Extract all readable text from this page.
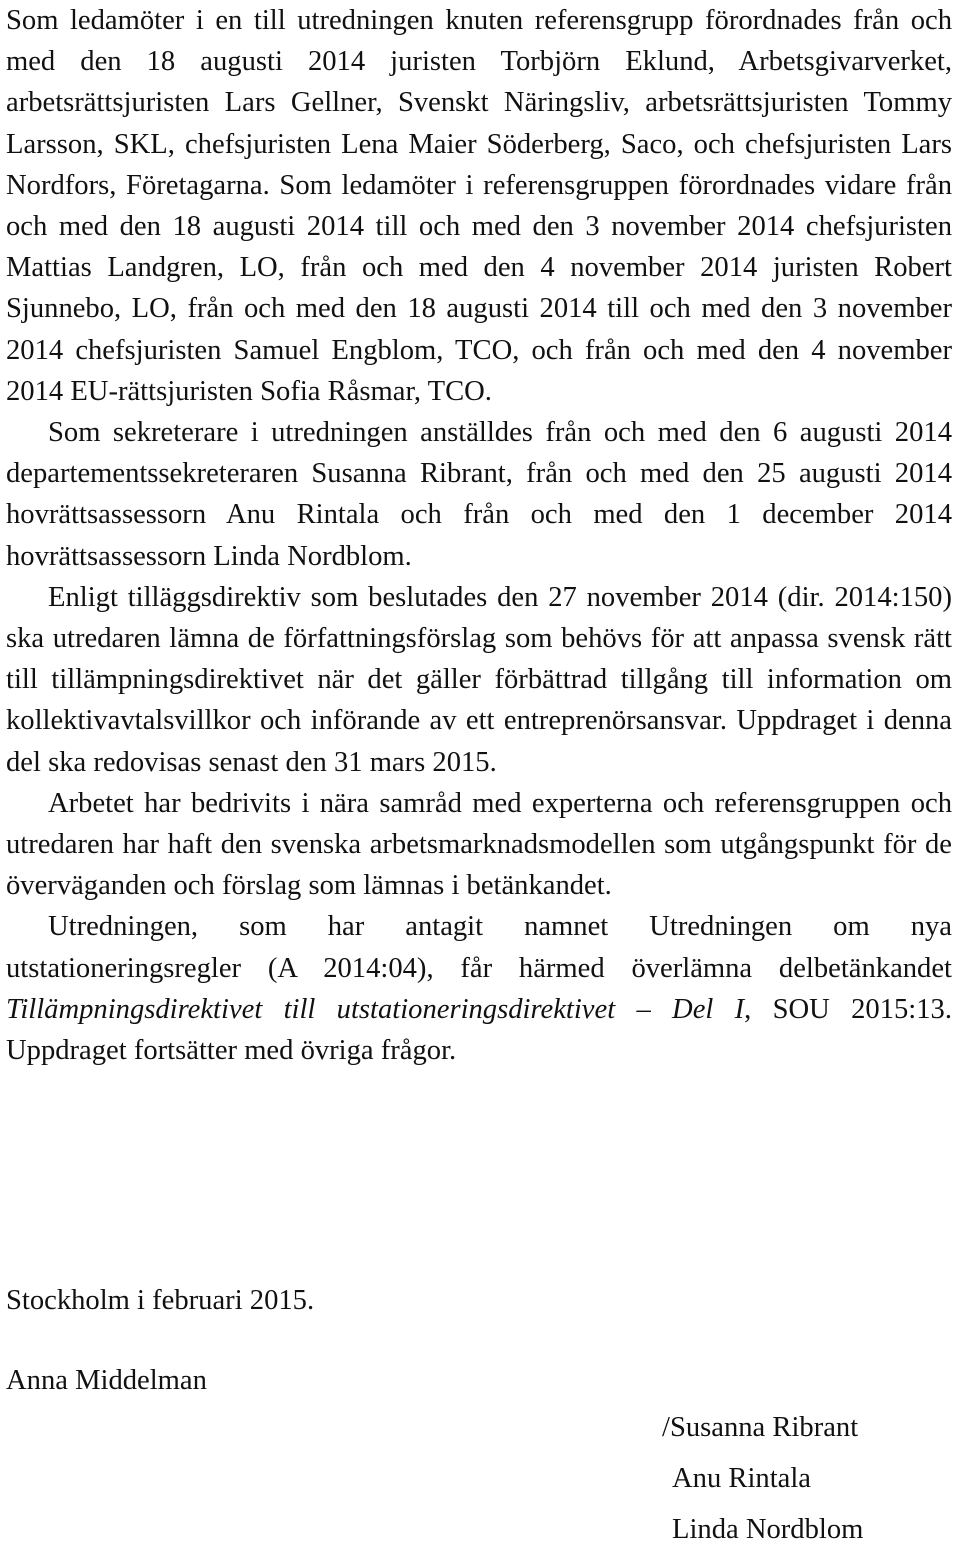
Som ledamöter i en till utredningen knuten referensgrupp förordnades från och med den 18 augusti 2014 juristen Torbjörn Eklund, Arbetsgivarverket, arbetsrättsjuristen Lars Gellner, Svenskt Näringsliv, arbetsrättsjuristen Tommy Larsson, SKL, chefsjuristen Lena Maier Söderberg, Saco, och chefsjuristen Lars Nordfors, Företagarna. Som ledamöter i referensgruppen förordnades vidare från och med den 18 augusti 2014 till och med den 3 november 2014 chefsjuristen Mattias Landgren, LO, från och med den 4 november 2014 juristen Robert Sjunnebo, LO, från och med den 18 augusti 2014 till och med den 3 november 2014 chefsjuristen Samuel Engblom, TCO, och från och med den 4 november 2014 EU-rättsjuristen Sofia Råsmar, TCO.

Som sekreterare i utredningen anställdes från och med den 6 augusti 2014 departementssekreteraren Susanna Ribrant, från och med den 25 augusti 2014 hovrättsassessorn Anu Rintala och från och med den 1 december 2014 hovrättsassessorn Linda Nordblom.

Enligt tilläggsdirektiv som beslutades den 27 november 2014 (dir. 2014:150) ska utredaren lämna de författningsförslag som behövs för att anpassa svensk rätt till tillämpningsdirektivet när det gäller förbättrad tillgång till information om kollektivavtalsvillkor och införande av ett entreprenörsansvar. Uppdraget i denna del ska redovisas senast den 31 mars 2015.

Arbetet har bedrivits i nära samråd med experterna och referensgruppen och utredaren har haft den svenska arbetsmarknadsmodellen som utgångspunkt för de överväganden och förslag som lämnas i betänkandet.

Utredningen, som har antagit namnet Utredningen om nya utstationeringsregler (A 2014:04), får härmed överlämna delbetänkandet Tillämpningsdirektivet till utstationeringsdirektivet – Del I, SOU 2015:13. Uppdraget fortsätter med övriga frågor.

Stockholm i februari 2015.

Anna Middelman

/Susanna Ribrant
Anu Rintala
Linda Nordblom
